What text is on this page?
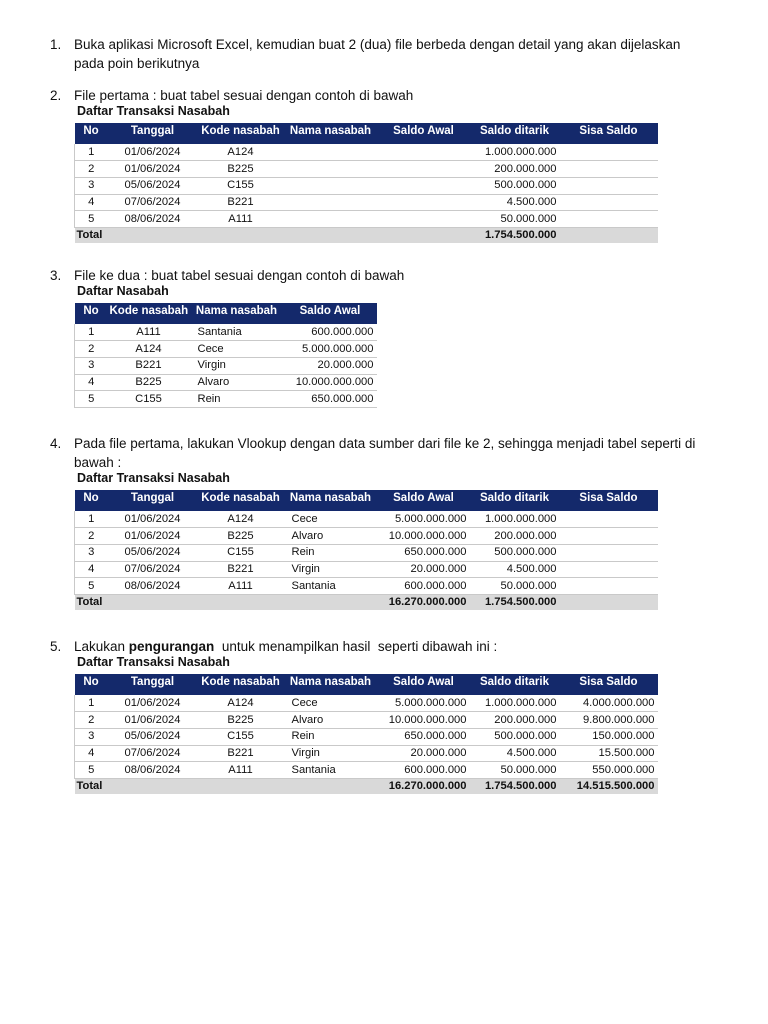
1. Buka aplikasi Microsoft Excel, kemudian buat 2 (dua) file berbeda dengan detail yang akan dijelaskan
pada poin berikutnya
2. File pertama : buat tabel sesuai dengan contoh di bawah
Daftar Transaksi Nasabah
No	Tanggal	Kode nasabah	Nama nasabah	Saldo Awal	Saldo ditarik	Sisa Saldo
1	01/06/2024	A124			1.000.000.000	
2	01/06/2024	B225			200.000.000	
3	05/06/2024	C155			500.000.000	
4	07/06/2024	B221			4.500.000	
5	08/06/2024	A111			50.000.000	
Total					1.754.500.000	
3. File ke dua : buat tabel sesuai dengan contoh di bawah
Daftar Nasabah
No	Kode nasabah	Nama nasabah	Saldo Awal
1	A111	Santania	600.000.000
2	A124	Cece	5.000.000.000
3	B221	Virgin	20.000.000
4	B225	Alvaro	10.000.000.000
5	C155	Rein	650.000.000
4. Pada file pertama, lakukan Vlookup dengan data sumber dari file ke 2, sehingga menjadi tabel seperti di
bawah :
Daftar Transaksi Nasabah
No	Tanggal	Kode nasabah	Nama nasabah	Saldo Awal	Saldo ditarik	Sisa Saldo
1	01/06/2024	A124	Cece	5.000.000.000	1.000.000.000	
2	01/06/2024	B225	Alvaro	10.000.000.000	200.000.000	
3	05/06/2024	C155	Rein	650.000.000	500.000.000	
4	07/06/2024	B221	Virgin	20.000.000	4.500.000	
5	08/06/2024	A111	Santania	600.000.000	50.000.000	
Total				16.270.000.000	1.754.500.000	
5. Lakukan pengurangan  untuk menampilkan hasil  seperti dibawah ini :
Daftar Transaksi Nasabah
No	Tanggal	Kode nasabah	Nama nasabah	Saldo Awal	Saldo ditarik	Sisa Saldo
1	01/06/2024	A124	Cece	5.000.000.000	1.000.000.000	4.000.000.000
2	01/06/2024	B225	Alvaro	10.000.000.000	200.000.000	9.800.000.000
3	05/06/2024	C155	Rein	650.000.000	500.000.000	150.000.000
4	07/06/2024	B221	Virgin	20.000.000	4.500.000	15.500.000
5	08/06/2024	A111	Santania	600.000.000	50.000.000	550.000.000
Total				16.270.000.000	1.754.500.000	14.515.500.000
